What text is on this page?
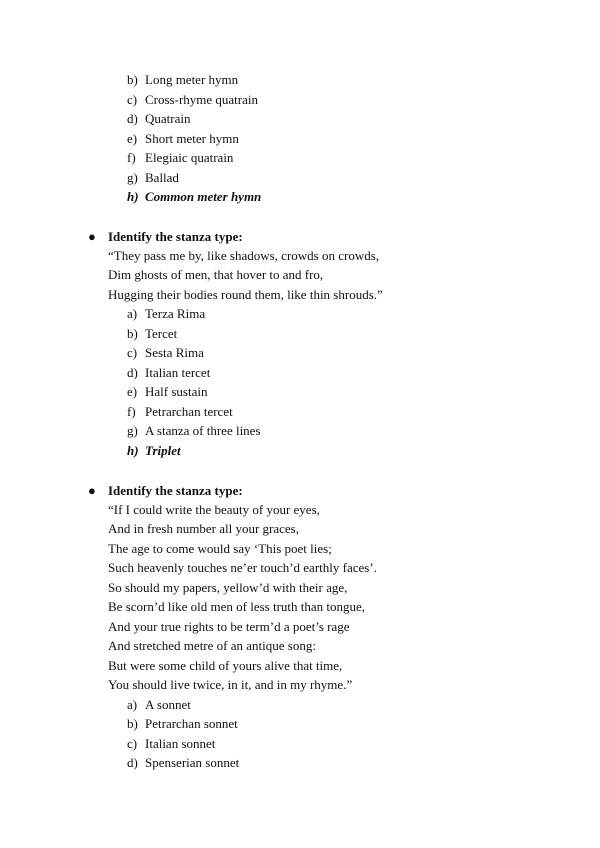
b) Long meter hymn
c) Cross-rhyme quatrain
d) Quatrain
e) Short meter hymn
f) Elegiaic quatrain
g) Ballad
h) Common meter hymn
● Identify the stanza type:
“They pass me by, like shadows, crowds on crowds,
Dim ghosts of men, that hover to and fro,
Hugging their bodies round them, like thin shrouds.”
a) Terza Rima
b) Tercet
c) Sesta Rima
d) Italian tercet
e) Half sustain
f) Petrarchan tercet
g) A stanza of three lines
h) Triplet
● Identify the stanza type:
“If I could write the beauty of your eyes,
And in fresh number all your graces,
The age to come would say ‘This poet lies;
Such heavenly touches ne’er touch’d earthly faces’.
So should my papers, yellow’d with their age,
Be scorn’d like old men of less truth than tongue,
And your true rights to be term’d a poet’s rage
And stretched metre of an antique song:
But were some child of yours alive that time,
You should live twice, in it, and in my rhyme.”
a) A sonnet
b) Petrarchan sonnet
c) Italian sonnet
d) Spenserian sonnet
